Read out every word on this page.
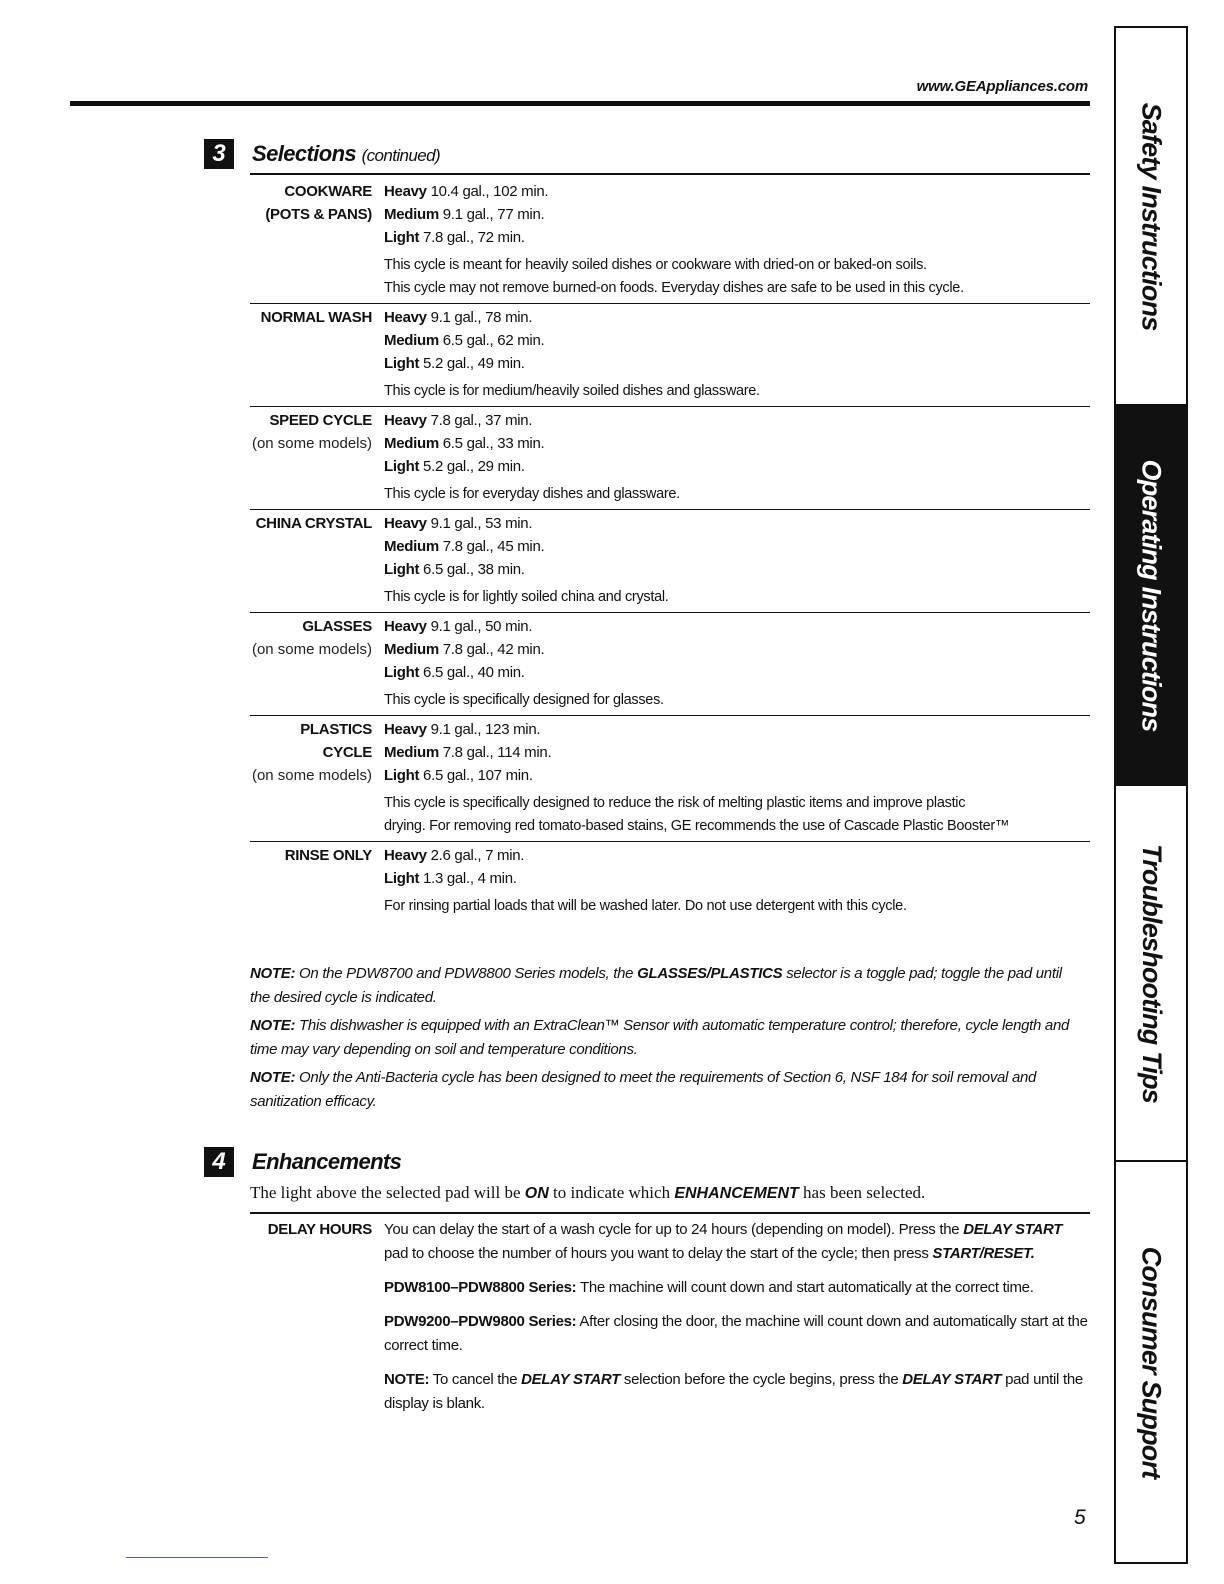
www.GEAppliances.com
3	Selections (continued)
COOKWARE
(POTS & PANS)
Heavy 10.4 gal., 102 min.
Medium 9.1 gal., 77 min.
Light 7.8 gal., 72 min.
This cycle is meant for heavily soiled dishes or cookware with dried-on or baked-on soils.
This cycle may not remove burned-on foods. Everyday dishes are safe to be used in this cycle.
NORMAL WASH Heavy 9.1 gal., 78 min.
Medium 6.5 gal., 62 min.
Light 5.2 gal., 49 min.
This cycle is for medium/heavily soiled dishes and glassware.
SPEED CYCLE
(on some models)
Heavy 7.8 gal., 37 min.
Medium 6.5 gal., 33 min.
Light 5.2 gal., 29 min.
This cycle is for everyday dishes and glassware.
CHINA CRYSTAL Heavy 9.1 gal., 53 min.
Medium 7.8 gal., 45 min.
Light 6.5 gal., 38 min.
This cycle is for lightly soiled china and crystal.
GLASSES
(on some models)
Heavy 9.1 gal., 50 min.
Medium 7.8 gal., 42 min.
Light 6.5 gal., 40 min.
This cycle is specifically designed for glasses.
PLASTICS CYCLE
(on some models)
Heavy 9.1 gal., 123 min.
Medium 7.8 gal., 114 min.
Light 6.5 gal., 107 min.
This cycle is specifically designed to reduce the risk of melting plastic items and improve plastic
drying. For removing red tomato-based stains, GE recommends the use of Cascade Plastic Booster™
RINSE ONLY Heavy 2.6 gal., 7 min.
Light 1.3 gal., 4 min.
For rinsing partial loads that will be washed later. Do not use detergent with this cycle.

NOTE: On the PDW8700 and PDW8800 Series models, the GLASSES/PLASTICS selector is a toggle pad; toggle the pad until the desired cycle is indicated.

NOTE: This dishwasher is equipped with an ExtraClean™ Sensor with automatic temperature control; therefore, cycle length and time may vary depending on soil and temperature conditions.

NOTE: Only the Anti-Bacteria cycle has been designed to meet the requirements of Section 6, NSF 184 for soil removal and sanitization efficacy.

4	Enhancements
The light above the selected pad will be ON to indicate which ENHANCEMENT has been selected.
DELAY HOURS You can delay the start of a wash cycle for up to 24 hours (depending on model). Press the DELAY START pad to choose the number of hours you want to delay the start of the cycle; then press START/RESET.

PDW8100–PDW8800 Series: The machine will count down and start automatically at the correct time.

PDW9200–PDW9800 Series: After closing the door, the machine will count down and automatically start at the correct time.

NOTE: To cancel the DELAY START selection before the cycle begins, press the DELAY START pad until the display is blank.

5
Safety Instructions
Operating Instructions
Troubleshooting Tips
Consumer Support
